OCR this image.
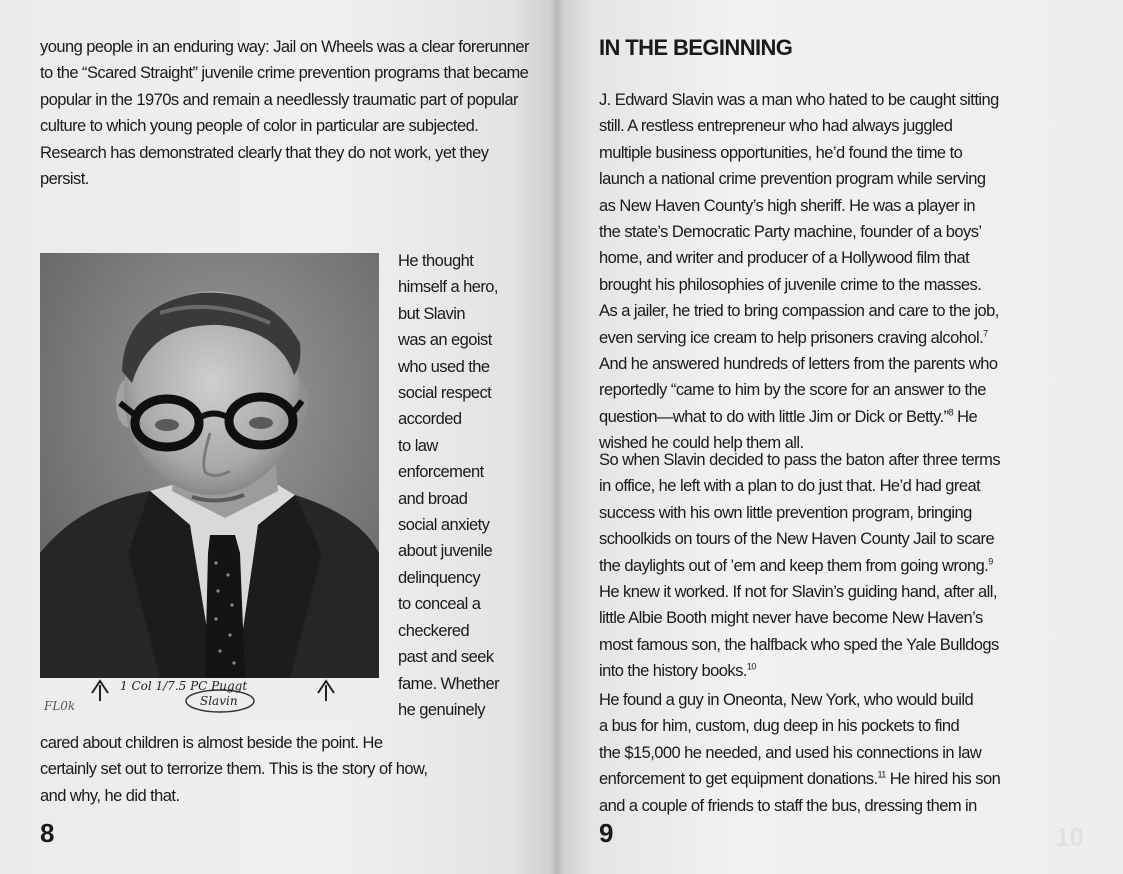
young people in an enduring way: Jail on Wheels was a clear forerunner to the “Scared Straight” juvenile crime prevention programs that became popular in the 1970s and remain a needlessly traumatic part of popular culture to which young people of color in particular are subjected. Research has demonstrated clearly that they do not work, yet they persist.

1 Col 1/7.5 PC Puggt
Slavin
FL0k
He thought
himself a hero,
but Slavin
was an egoist
who used the
social respect
accorded
to law
enforcement
and broad
social anxiety
about juvenile
delinquency
to conceal a
checkered
past and seek
fame. Whether
he genuinely
cared about children is almost beside the point. He
certainly set out to terrorize them. This is the story of how,
and why, he did that.
8
IN THE BEGINNING
J. Edward Slavin was a man who hated to be caught sitting
still. A restless entrepreneur who had always juggled
multiple business opportunities, he’d found the time to
launch a national crime prevention program while serving
as New Haven County’s high sheriff. He was a player in
the state’s Democratic Party machine, founder of a boys’
home, and writer and producer of a Hollywood film that
brought his philosophies of juvenile crime to the masses.
As a jailer, he tried to bring compassion and care to the job,
even serving ice cream to help prisoners craving alcohol.$^7$
And he answered hundreds of letters from the parents who
reportedly “came to him by the score for an answer to the
question—what to do with little Jim or Dick or Betty.”$^8$ He
wished he could help them all.
So when Slavin decided to pass the baton after three terms
in office, he left with a plan to do just that. He’d had great
success with his own little prevention program, bringing
schoolkids on tours of the New Haven County Jail to scare
the daylights out of ’em and keep them from going wrong.$^9$
He knew it worked. If not for Slavin’s guiding hand, after all,
little Albie Booth might never have become New Haven’s
most famous son, the halfback who sped the Yale Bulldogs
into the history books.$^{10}$
He found a guy in Oneonta, New York, who would build
a bus for him, custom, dug deep in his pockets to find
the $15,000 he needed, and used his connections in law
enforcement to get equipment donations.$^{11}$ He hired his son
and a couple of friends to staff the bus, dressing them in
9	10
